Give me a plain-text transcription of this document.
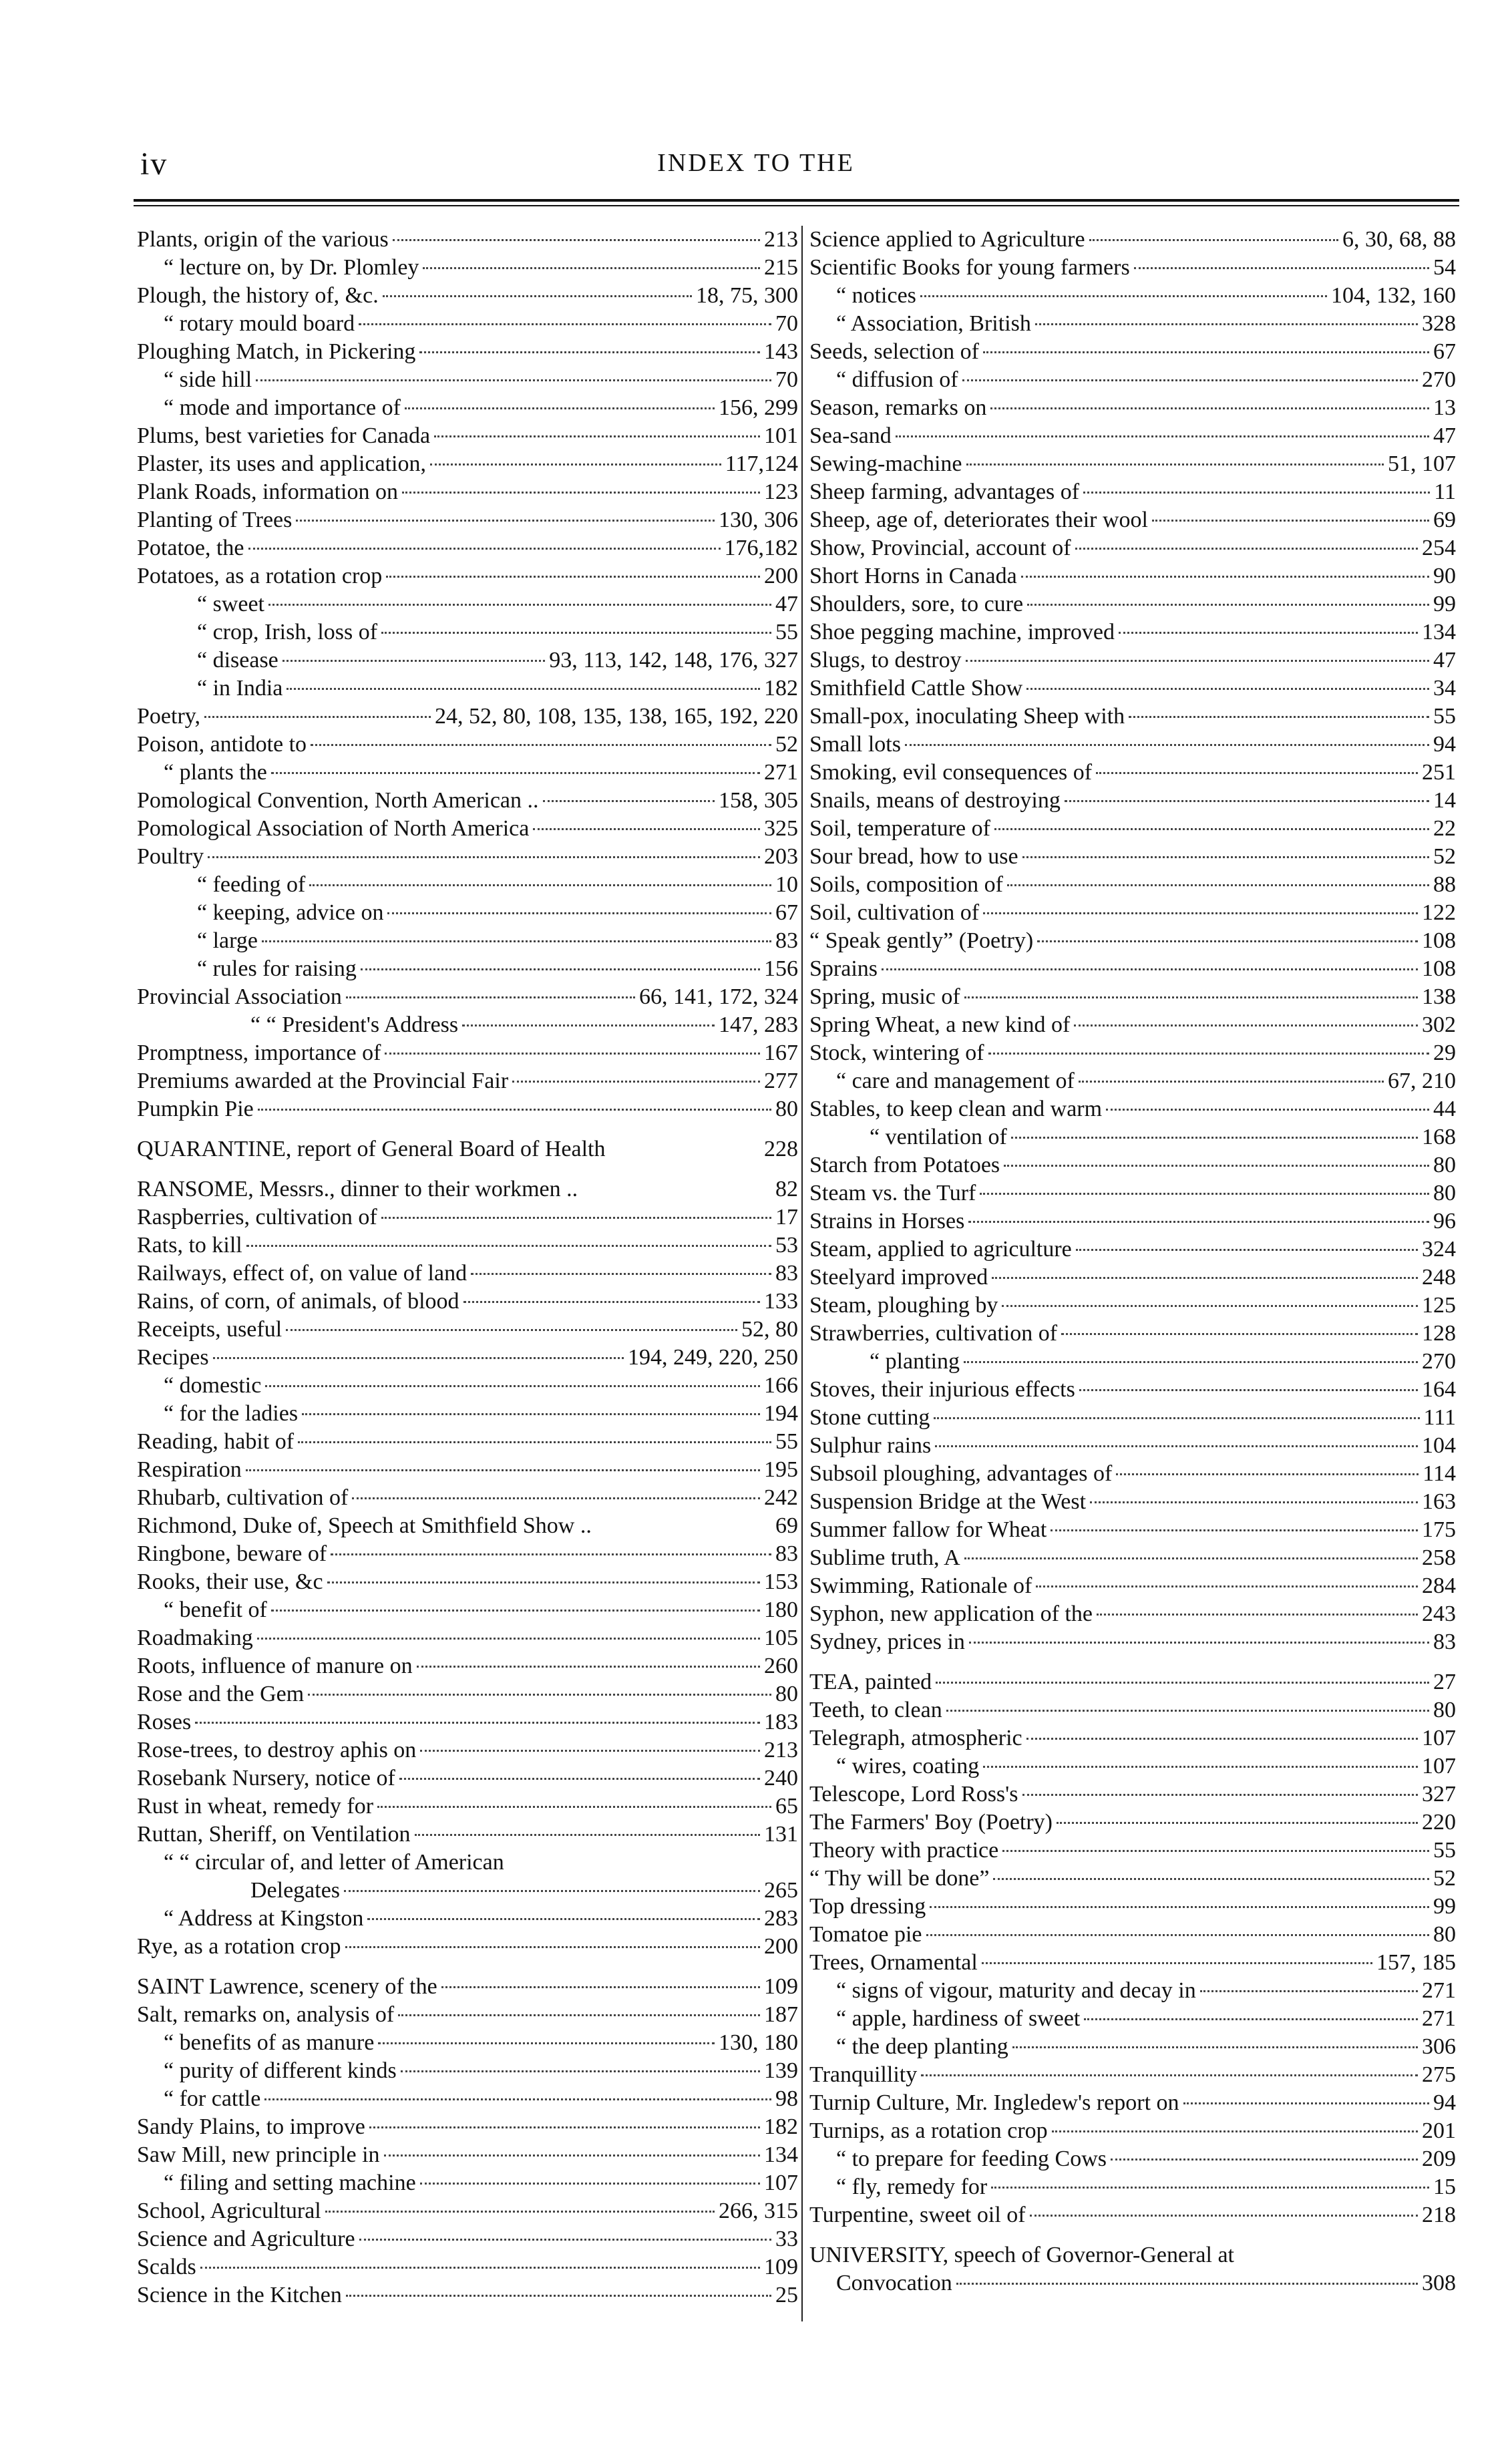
iv	INDEX TO THE
Plants, origin of the various	213
“ lecture on, by Dr. Plomley	215
Plough, the history of, &c.	18, 75, 300
“ rotary mould board	70
Ploughing Match, in Pickering	143
“ side hill	70
“ mode and importance of	156, 299
Plums, best varieties for Canada	101
Plaster, its uses and application,	117,124
Plank Roads, information on	123
Planting of Trees	130, 306
Potatoe, the	176,182
Potatoes, as a rotation crop	200
“ sweet	47
“ crop, Irish, loss of	55
“ disease	93, 113, 142, 148, 176, 327
“ in India	182
Poetry,	24, 52, 80, 108, 135, 138, 165, 192, 220
Poison, antidote to	52
“ plants the	271
Pomological Convention, North American ..	158, 305
Pomological Association of North America	325
Poultry	203
“ feeding of	10
“ keeping, advice on	67
“ large	83
“ rules for raising	156
Provincial Association	66, 141, 172, 324
“ “ President's Address	147, 283
Promptness, importance of	167
Premiums awarded at the Provincial Fair	277
Pumpkin Pie	80
QUARANTINE, report of General Board of Health	228
RANSOME, Messrs., dinner to their workmen ..	82
Raspberries, cultivation of	17
Rats, to kill	53
Railways, effect of, on value of land	83
Rains, of corn, of animals, of blood	133
Receipts, useful	52, 80
Recipes	194, 249, 220, 250
“ domestic	166
“ for the ladies	194
Reading, habit of	55
Respiration	195
Rhubarb, cultivation of	242
Richmond, Duke of, Speech at Smithfield Show ..	69
Ringbone, beware of	83
Rooks, their use, &c	153
“ benefit of	180
Roadmaking	105
Roots, influence of manure on	260
Rose and the Gem	80
Roses	183
Rose-trees, to destroy aphis on	213
Rosebank Nursery, notice of	240
Rust in wheat, remedy for	65
Ruttan, Sheriff, on Ventilation	131
“ “ circular of, and letter of American
Delegates	265
“ Address at Kingston	283
Rye, as a rotation crop	200
SAINT Lawrence, scenery of the	109
Salt, remarks on, analysis of	187
“ benefits of as manure	130, 180
“ purity of different kinds	139
“ for cattle	98
Sandy Plains, to improve	182
Saw Mill, new principle in	134
“ filing and setting machine	107
School, Agricultural	266, 315
Science and Agriculture	33
Scalds	109
Science in the Kitchen	25
Science applied to Agriculture	6, 30, 68, 88
Scientific Books for young farmers	54
“ notices	104, 132, 160
“ Association, British	328
Seeds, selection of	67
“ diffusion of	270
Season, remarks on	13
Sea-sand	47
Sewing-machine	51, 107
Sheep farming, advantages of	11
Sheep, age of, deteriorates their wool	69
Show, Provincial, account of	254
Short Horns in Canada	90
Shoulders, sore, to cure	99
Shoe pegging machine, improved	134
Slugs, to destroy	47
Smithfield Cattle Show	34
Small-pox, inoculating Sheep with	55
Small lots	94
Smoking, evil consequences of	251
Snails, means of destroying	14
Soil, temperature of	22
Sour bread, how to use	52
Soils, composition of	88
Soil, cultivation of	122
“ Speak gently” (Poetry)	108
Sprains	108
Spring, music of	138
Spring Wheat, a new kind of	302
Stock, wintering of	29
“ care and management of	67, 210
Stables, to keep clean and warm	44
“ ventilation of	168
Starch from Potatoes	80
Steam vs. the Turf	80
Strains in Horses	96
Steam, applied to agriculture	324
Steelyard improved	248
Steam, ploughing by	125
Strawberries, cultivation of	128
“ planting	270
Stoves, their injurious effects	164
Stone cutting	111
Sulphur rains	104
Subsoil ploughing, advantages of	114
Suspension Bridge at the West	163
Summer fallow for Wheat	175
Sublime truth, A	258
Swimming, Rationale of	284
Syphon, new application of the	243
Sydney, prices in	83
TEA, painted	27
Teeth, to clean	80
Telegraph, atmospheric	107
“ wires, coating	107
Telescope, Lord Ross's	327
The Farmers' Boy (Poetry)	220
Theory with practice	55
“ Thy will be done”	52
Top dressing	99
Tomatoe pie	80
Trees, Ornamental	157, 185
“ signs of vigour, maturity and decay in	271
“ apple, hardiness of sweet	271
“ the deep planting	306
Tranquillity	275
Turnip Culture, Mr. Ingledew's report on	94
Turnips, as a rotation crop	201
“ to prepare for feeding Cows	209
“ fly, remedy for	15
Turpentine, sweet oil of	218
UNIVERSITY, speech of Governor-General at
Convocation	308
